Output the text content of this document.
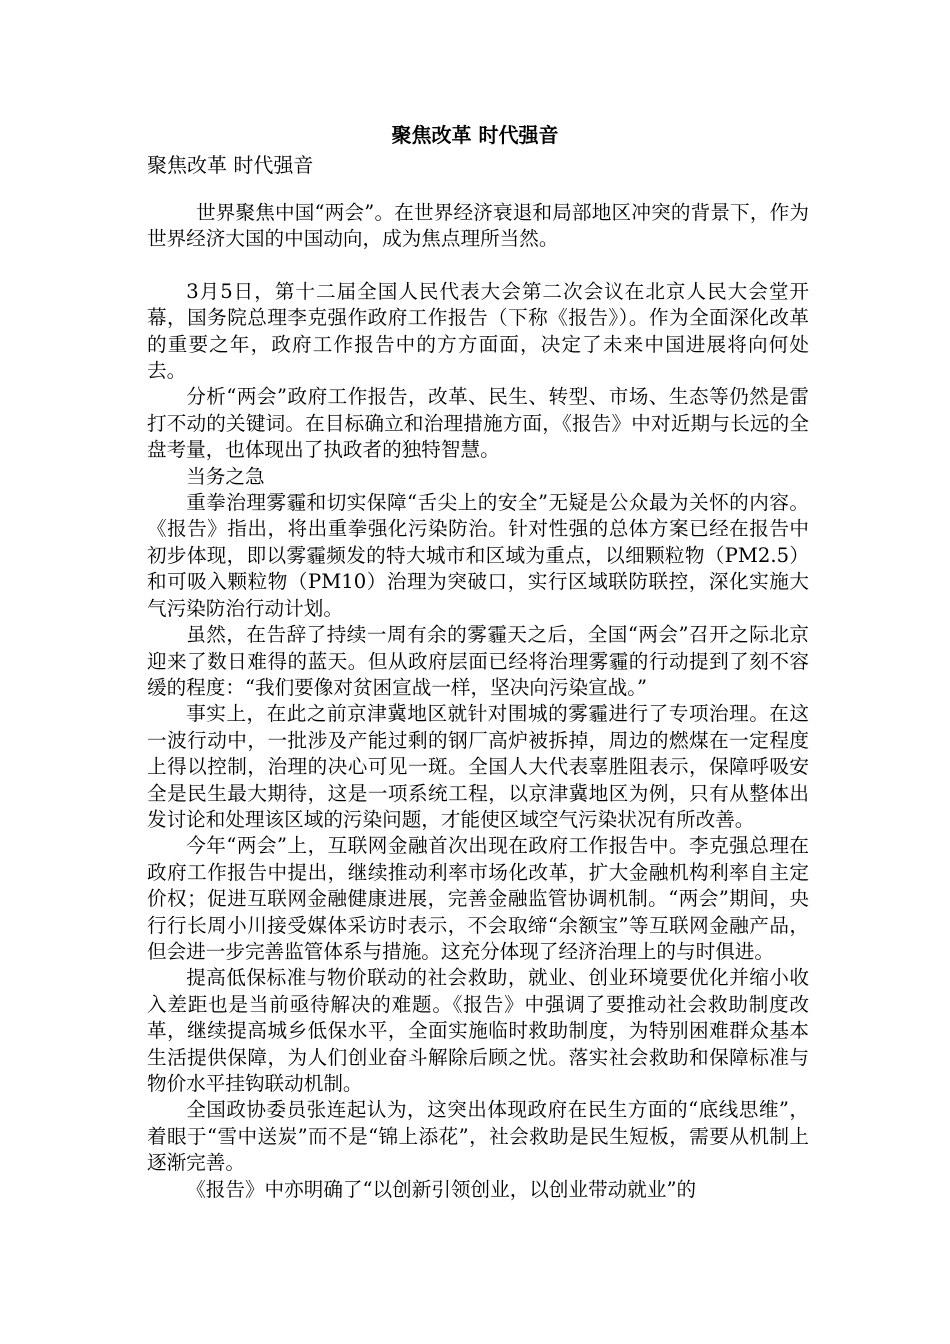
聚焦改革 时代强音

聚焦改革 时代强音

世界聚焦中国“两会”。在世界经济衰退和局部地区冲突的背景下，作为世界经济大国的中国动向，成为焦点理所当然。

3月5日，第十二届全国人民代表大会第二次会议在北京人民大会堂开幕，国务院总理李克强作政府工作报告（下称《报告》）。作为全面深化改革的重要之年，政府工作报告中的方方面面，决定了未来中国进展将向何处去。

分析“两会”政府工作报告，改革、民生、转型、市场、生态等仍然是雷打不动的关键词。在目标确立和治理措施方面，《报告》中对近期与长远的全盘考量，也体现出了执政者的独特智慧。

当务之急

重拳治理雾霾和切实保障“舌尖上的安全”无疑是公众最为关怀的内容。《报告》指出，将出重拳强化污染防治。针对性强的总体方案已经在报告中初步体现，即以雾霾频发的特大城市和区域为重点，以细颗粒物（PM2.5）和可吸入颗粒物（PM10）治理为突破口，实行区域联防联控，深化实施大气污染防治行动计划。

虽然，在告辞了持续一周有余的雾霾天之后，全国“两会”召开之际北京迎来了数日难得的蓝天。但从政府层面已经将治理雾霾的行动提到了刻不容缓的程度：“我们要像对贫困宣战一样，坚决向污染宣战。”

事实上，在此之前京津冀地区就针对围城的雾霾进行了专项治理。在这一波行动中，一批涉及产能过剩的钢厂高炉被拆掉，周边的燃煤在一定程度上得以控制，治理的决心可见一斑。全国人大代表辜胜阻表示，保障呼吸安全是民生最大期待，这是一项系统工程，以京津冀地区为例，只有从整体出发讨论和处理该区域的污染问题，才能使区域空气污染状况有所改善。

今年“两会”上，互联网金融首次出现在政府工作报告中。李克强总理在政府工作报告中提出，继续推动利率市场化改革，扩大金融机构利率自主定价权；促进互联网金融健康进展，完善金融监管协调机制。“两会”期间，央行行长周小川接受媒体采访时表示，不会取缔“余额宝”等互联网金融产品，但会进一步完善监管体系与措施。这充分体现了经济治理上的与时俱进。

提高低保标准与物价联动的社会救助，就业、创业环境要优化并缩小收入差距也是当前亟待解决的难题。《报告》中强调了要推动社会救助制度改革，继续提高城乡低保水平，全面实施临时救助制度，为特别困难群众基本生活提供保障，为人们创业奋斗解除后顾之忧。落实社会救助和保障标准与物价水平挂钩联动机制。

全国政协委员张连起认为，这突出体现政府在民生方面的“底线思维”，着眼于“雪中送炭”而不是“锦上添花”，社会救助是民生短板，需要从机制上逐渐完善。

《报告》中亦明确了“以创新引领创业，以创业带动就业”的
